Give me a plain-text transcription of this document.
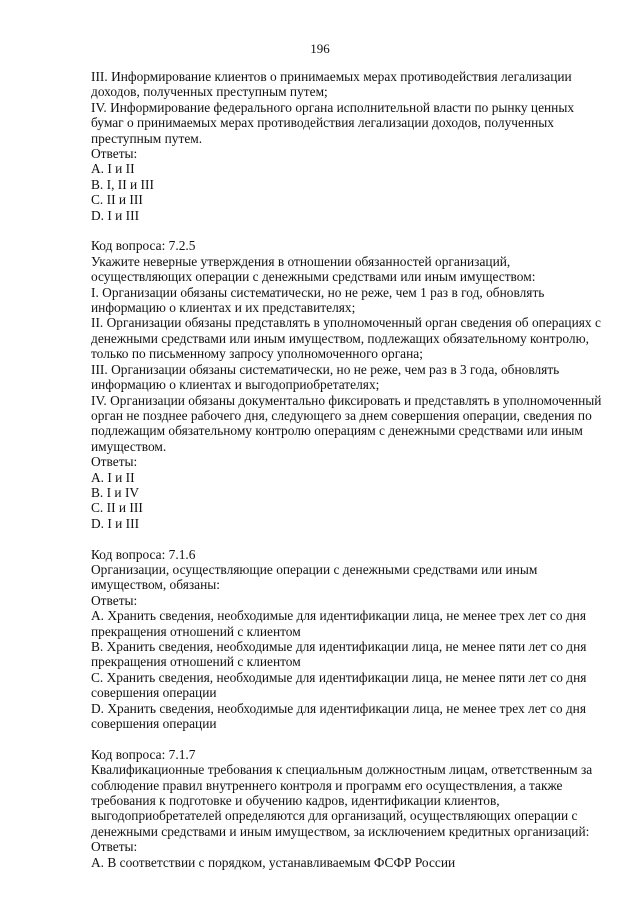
196
III. Информирование клиентов о принимаемых мерах противодействия легализации
доходов, полученных преступным путем;
IV. Информирование федерального органа исполнительной власти по рынку ценных
бумаг о принимаемых мерах противодействия легализации доходов, полученных
преступным путем.
Ответы:
A. I и II
B. I, II и III
C. II и III
D. I и III
Код вопроса: 7.2.5
Укажите неверные утверждения в отношении обязанностей организаций,
осуществляющих операции с денежными средствами или иным имуществом:
I. Организации обязаны систематически, но не реже, чем 1 раз в год, обновлять
информацию о клиентах и их представителях;
II. Организации обязаны представлять в уполномоченный орган сведения об операциях с
денежными средствами или иным имуществом, подлежащих обязательному контролю,
только по письменному запросу уполномоченного органа;
III. Организации обязаны систематически, но не реже, чем раз в 3 года, обновлять
информацию о клиентах и выгодоприобретателях;
IV. Организации обязаны документально фиксировать и представлять в уполномоченный
орган не позднее рабочего дня, следующего за днем совершения операции, сведения по
подлежащим обязательному контролю операциям с денежными средствами или иным
имуществом.
Ответы:
A. I и II
B. I и IV
C. II и III
D. I и III
Код вопроса: 7.1.6
Организации, осуществляющие операции с денежными средствами или иным
имуществом, обязаны:
Ответы:
A. Хранить сведения, необходимые для идентификации лица, не менее трех лет со дня
прекращения отношений с клиентом
B. Хранить сведения, необходимые для идентификации лица, не менее пяти лет со дня
прекращения отношений с клиентом
C. Хранить сведения, необходимые для идентификации лица, не менее пяти лет со дня
совершения операции
D. Хранить сведения, необходимые для идентификации лица, не менее трех лет со дня
совершения операции
Код вопроса: 7.1.7
Квалификационные требования к специальным должностным лицам, ответственным за
соблюдение правил внутреннего контроля и программ его осуществления, а также
требования к подготовке и обучению кадров, идентификации клиентов,
выгодоприобретателей определяются для организаций, осуществляющих операции с
денежными средствами и иным имуществом, за исключением кредитных организаций:
Ответы:
A. В соответствии с порядком, устанавливаемым ФСФР России
